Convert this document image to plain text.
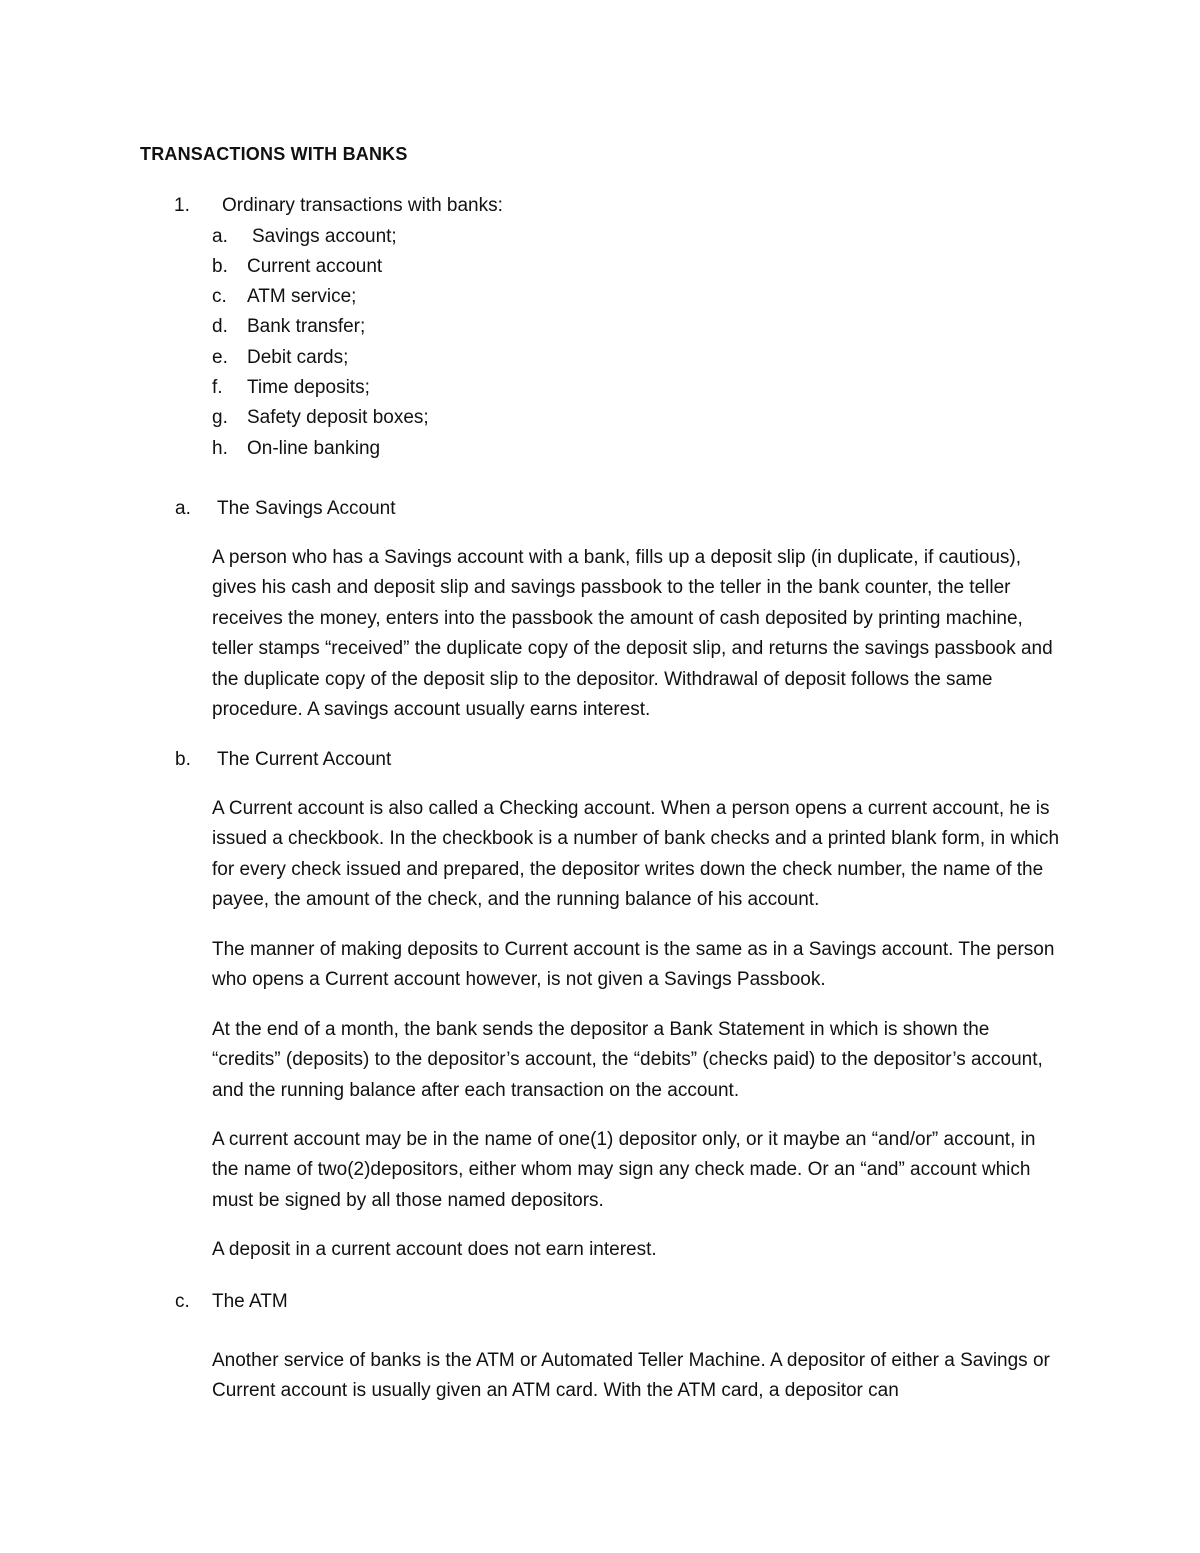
TRANSACTIONS WITH BANKS
1. Ordinary transactions with banks:
a. Savings account;
b. Current account
c. ATM service;
d. Bank transfer;
e. Debit cards;
f. Time deposits;
g. Safety deposit boxes;
h. On-line banking
a. The Savings Account

A person who has a Savings account with a bank, fills up a deposit slip (in duplicate, if cautious), gives his cash and deposit slip and savings passbook to the teller in the bank counter, the teller receives the money, enters into the passbook the amount of cash deposited by printing machine, teller stamps “received” the duplicate copy of the deposit slip, and returns the savings passbook and the duplicate copy of the deposit slip to the depositor. Withdrawal of deposit follows the same procedure. A savings account usually earns interest.

b. The Current Account

A Current account is also called a Checking account. When a person opens a current account, he is issued a checkbook. In the checkbook is a number of bank checks and a printed blank form, in which for every check issued and prepared, the depositor writes down the check number, the name of the payee, the amount of the check, and the running balance of his account.

The manner of making deposits to Current account is the same as in a Savings account. The person who opens a Current account however, is not given a Savings Passbook.

At the end of a month, the bank sends the depositor a Bank Statement in which is shown the “credits” (deposits) to the depositor’s account, the “debits” (checks paid) to the depositor’s account, and the running balance after each transaction on the account.

A current account may be in the name of one(1) depositor only, or it maybe an “and/or” account, in the name of two(2)depositors, either whom may sign any check made. Or an “and” account which must be signed by all those named depositors.

A deposit in a current account does not earn interest.

c. The ATM

Another service of banks is the ATM or Automated Teller Machine. A depositor of either a Savings or Current account is usually given an ATM card. With the ATM card, a depositor can
